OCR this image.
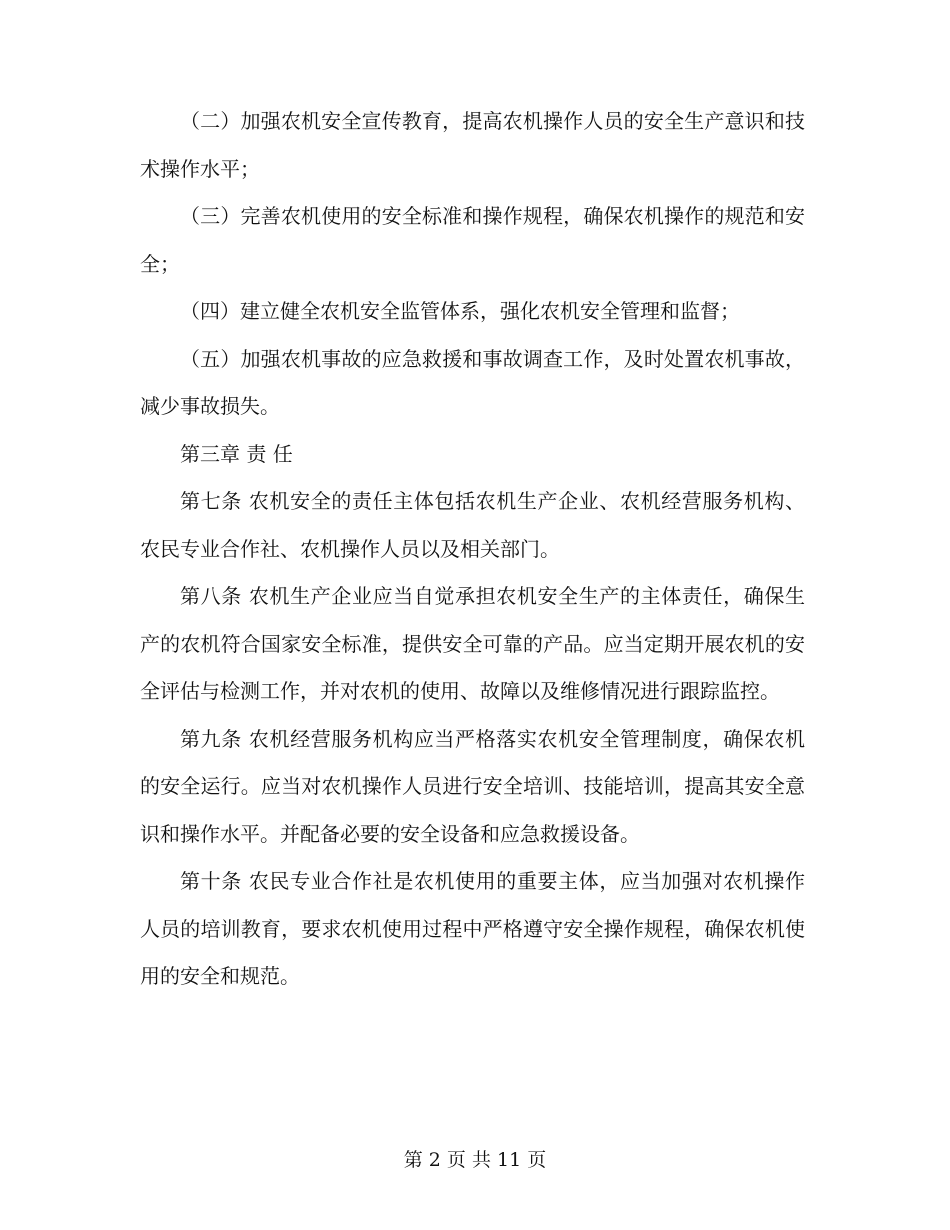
（二）加强农机安全宣传教育，提高农机操作人员的安全生产意识和技术操作水平；

（三）完善农机使用的安全标准和操作规程，确保农机操作的规范和安全；

（四）建立健全农机安全监管体系，强化农机安全管理和监督；

（五）加强农机事故的应急救援和事故调查工作，及时处置农机事故，减少事故损失。

第三章 责 任

第七条 农机安全的责任主体包括农机生产企业、农机经营服务机构、农民专业合作社、农机操作人员以及相关部门。

第八条 农机生产企业应当自觉承担农机安全生产的主体责任，确保生产的农机符合国家安全标准，提供安全可靠的产品。应当定期开展农机的安全评估与检测工作，并对农机的使用、故障以及维修情况进行跟踪监控。

第九条 农机经营服务机构应当严格落实农机安全管理制度，确保农机的安全运行。应当对农机操作人员进行安全培训、技能培训，提高其安全意识和操作水平。并配备必要的安全设备和应急救援设备。

第十条 农民专业合作社是农机使用的重要主体，应当加强对农机操作人员的培训教育，要求农机使用过程中严格遵守安全操作规程，确保农机使用的安全和规范。

第 2 页 共 11 页
